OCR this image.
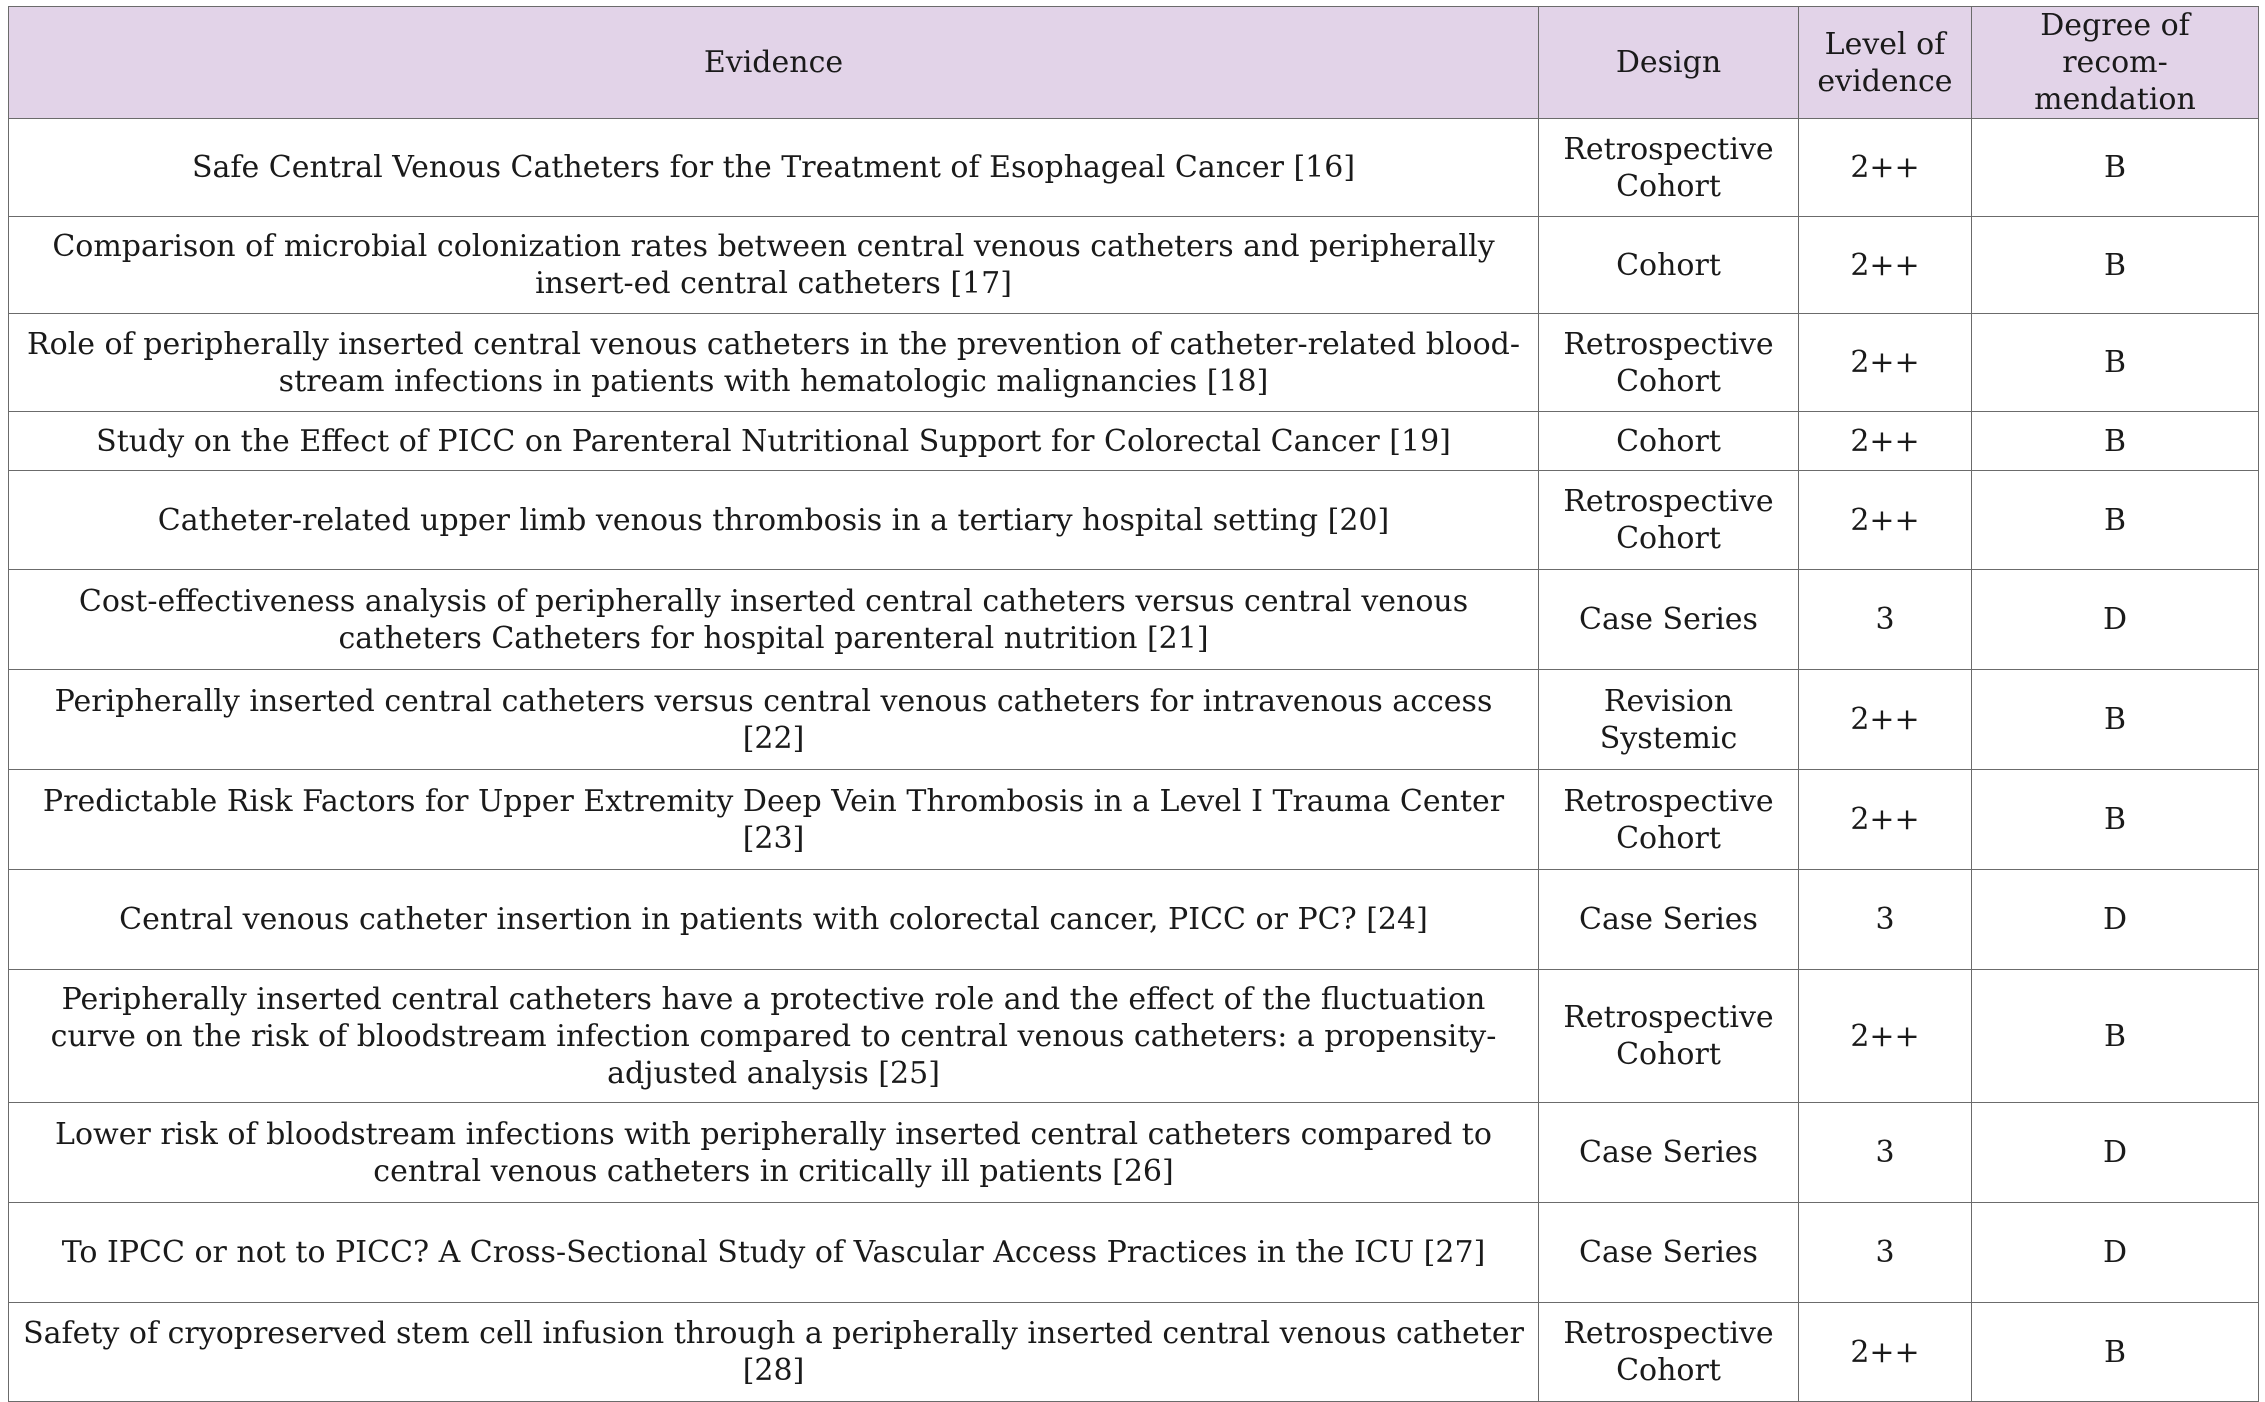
Evidence	Design	Level of evidence	Degree of recom-mendation
Safe Central Venous Catheters for the Treatment of Esophageal Cancer [16]	Retrospective Cohort	2++	B
Comparison of microbial colonization rates between central venous catheters and peripherally insert-ed central catheters [17]	Cohort	2++	B
Role of peripherally inserted central venous catheters in the prevention of catheter-related blood-stream infections in patients with hematologic malignancies [18]	Retrospective Cohort	2++	B
Study on the Effect of PICC on Parenteral Nutritional Support for Colorectal Cancer [19]	Cohort	2++	B
Catheter-related upper limb venous thrombosis in a tertiary hospital setting [20]	Retrospective Cohort	2++	B
Cost-effectiveness analysis of peripherally inserted central catheters versus central venous catheters Catheters for hospital parenteral nutrition [21]	Case Series	3	D
Peripherally inserted central catheters versus central venous catheters for intravenous access [22]	Revision Systemic	2++	B
Predictable Risk Factors for Upper Extremity Deep Vein Thrombosis in a Level I Trauma Center [23]	Retrospective Cohort	2++	B
Central venous catheter insertion in patients with colorectal cancer, PICC or PC? [24]	Case Series	3	D
Peripherally inserted central catheters have a protective role and the effect of the fluctuation curve on the risk of bloodstream infection compared to central venous catheters: a propensity-adjusted analysis [25]	Retrospective Cohort	2++	B
Lower risk of bloodstream infections with peripherally inserted central catheters compared to central venous catheters in critically ill patients [26]	Case Series	3	D
To IPCC or not to PICC? A Cross-Sectional Study of Vascular Access Practices in the ICU [27]	Case Series	3	D
Safety of cryopreserved stem cell infusion through a peripherally inserted central venous catheter [28]	Retrospective Cohort	2++	B
